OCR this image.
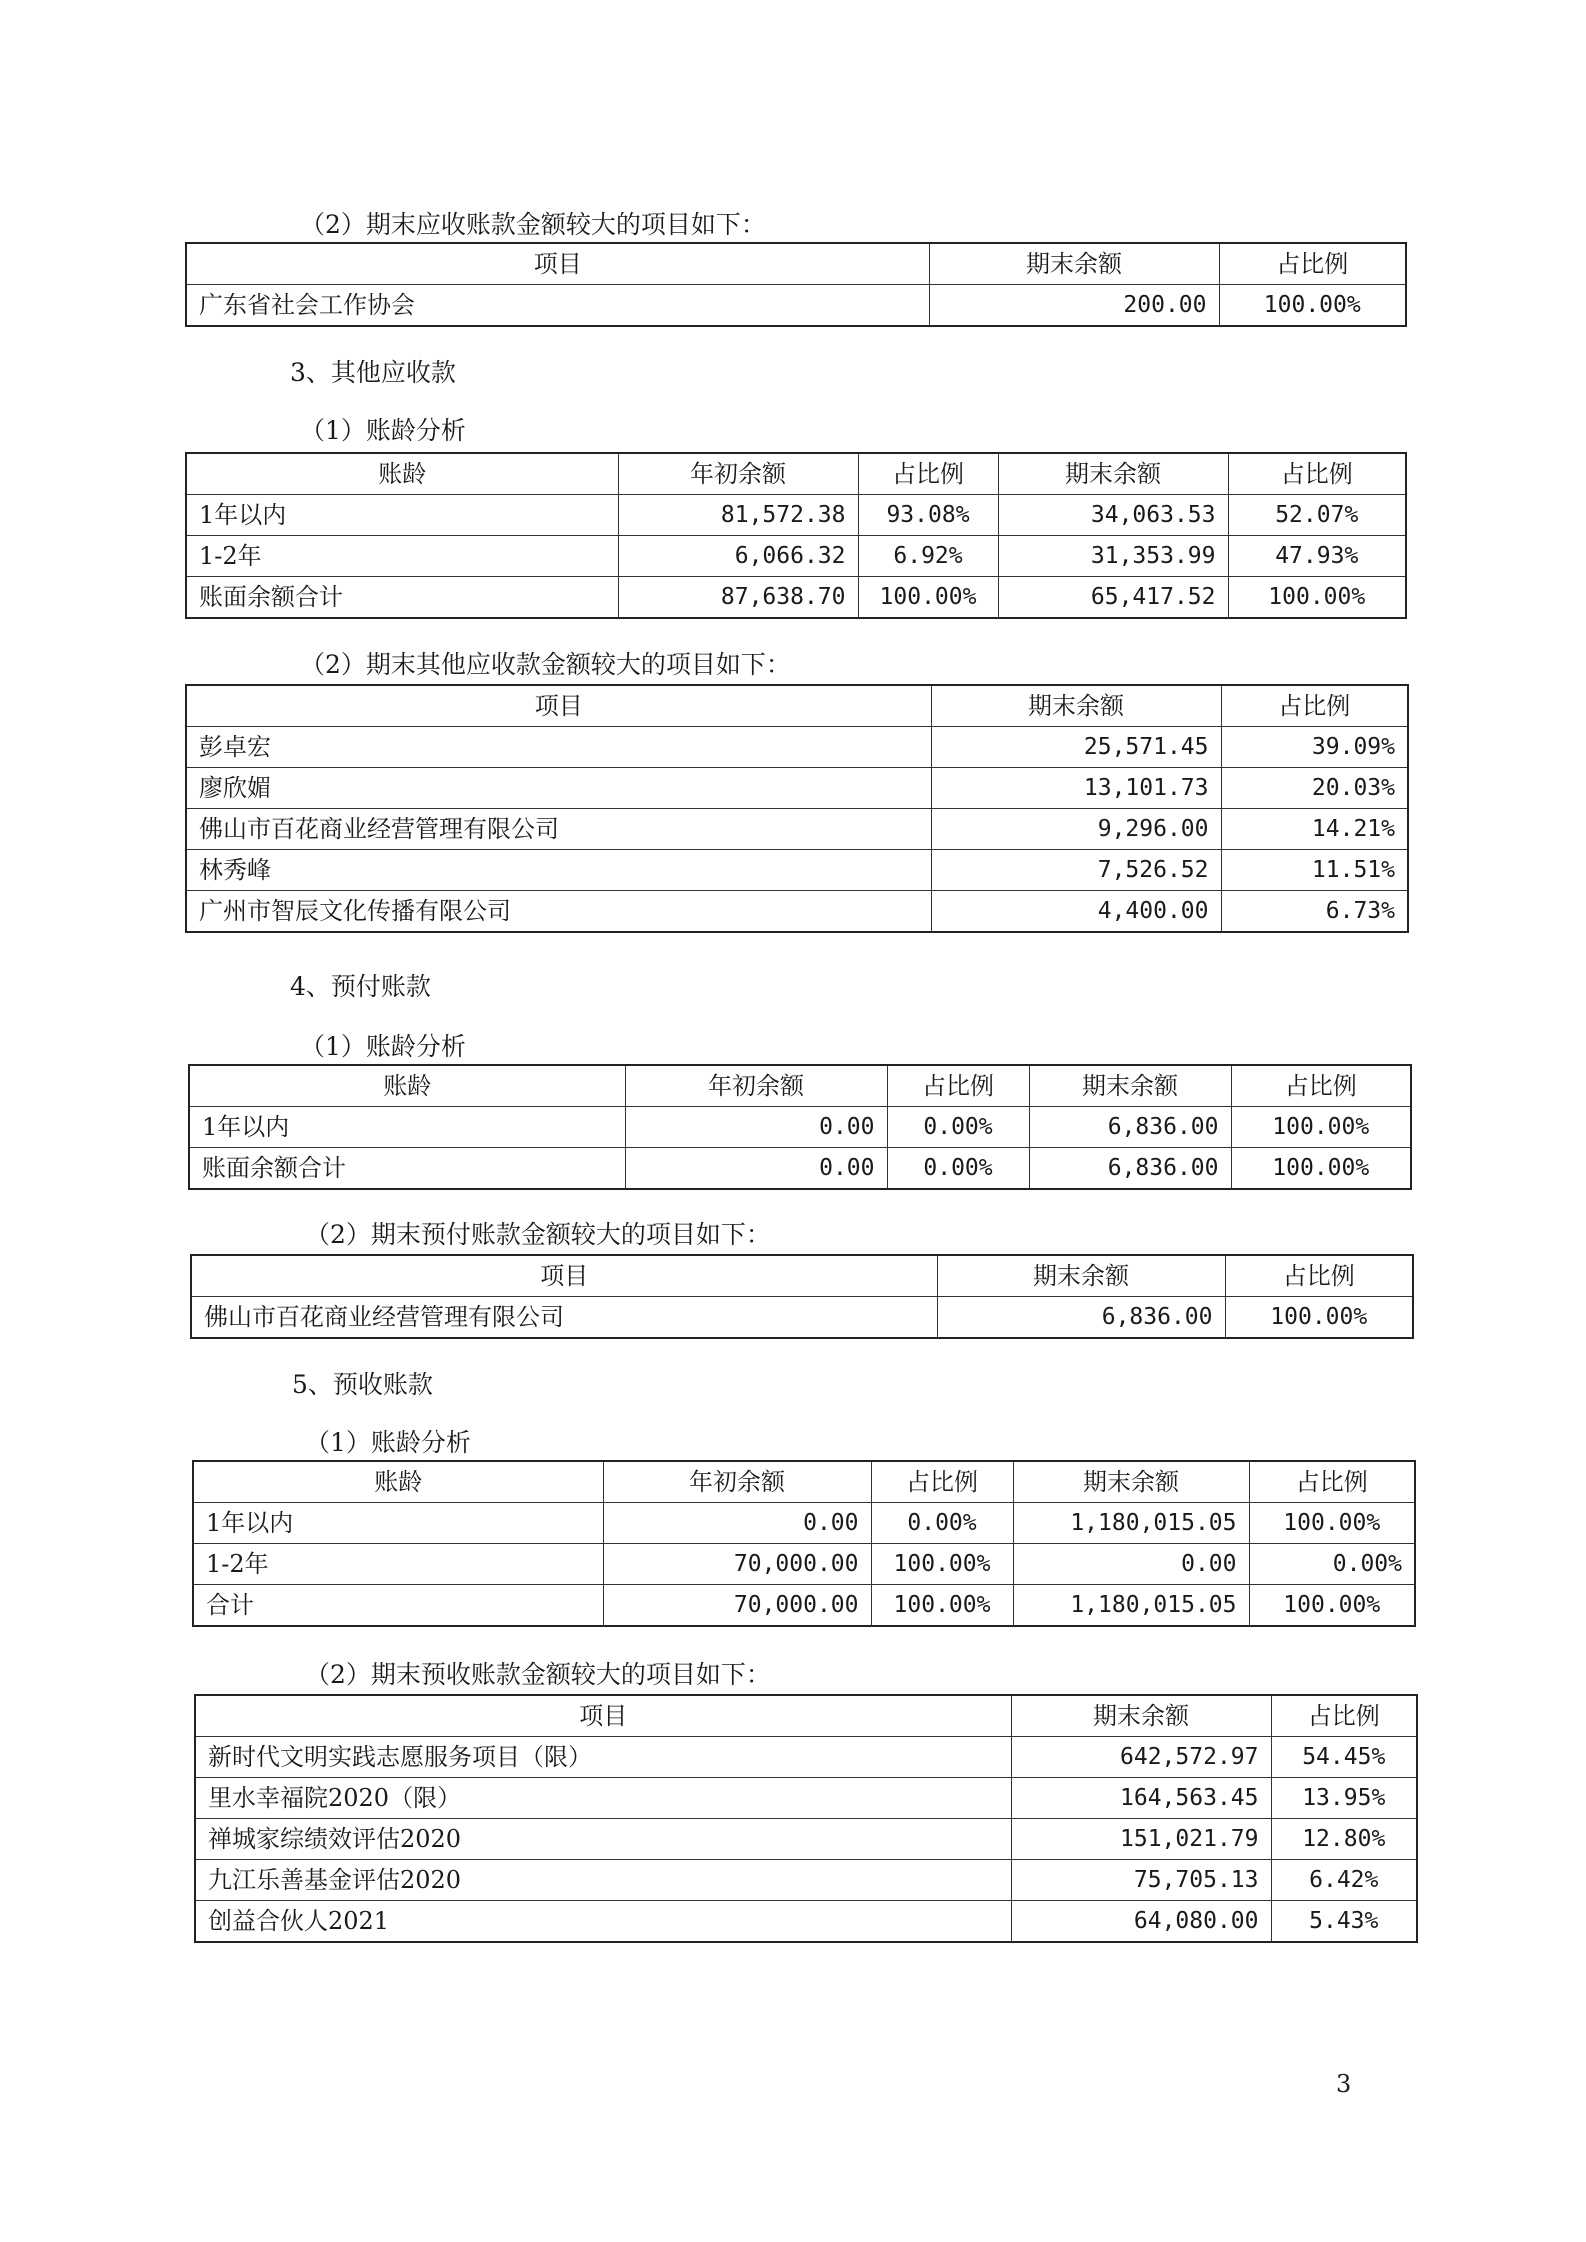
（2）期末应收账款金额较大的项目如下：
项目	期末余额	占比例
广东省社会工作协会	200.00	100.00%
3、其他应收款
（1）账龄分析
账龄	年初余额	占比例	期末余额	占比例
1年以内	81,572.38	93.08%	34,063.53	52.07%
1-2年	6,066.32	6.92%	31,353.99	47.93%
账面余额合计	87,638.70	100.00%	65,417.52	100.00%
（2）期末其他应收款金额较大的项目如下：
项目	期末余额	占比例
彭卓宏	25,571.45	39.09%
廖欣媚	13,101.73	20.03%
佛山市百花商业经营管理有限公司	9,296.00	14.21%
林秀峰	7,526.52	11.51%
广州市智辰文化传播有限公司	4,400.00	6.73%
4、预付账款
（1）账龄分析
账龄	年初余额	占比例	期末余额	占比例
1年以内	0.00	0.00%	6,836.00	100.00%
账面余额合计	0.00	0.00%	6,836.00	100.00%
（2）期末预付账款金额较大的项目如下：
项目	期末余额	占比例
佛山市百花商业经营管理有限公司	6,836.00	100.00%
5、预收账款
（1）账龄分析
账龄	年初余额	占比例	期末余额	占比例
1年以内	0.00	0.00%	1,180,015.05	100.00%
1-2年	70,000.00	100.00%	0.00	0.00%
合计	70,000.00	100.00%	1,180,015.05	100.00%
（2）期末预收账款金额较大的项目如下：
项目	期末余额	占比例
新时代文明实践志愿服务项目（限）	642,572.97	54.45%
里水幸福院2020（限）	164,563.45	13.95%
禅城家综绩效评估2020	151,021.79	12.80%
九江乐善基金评估2020	75,705.13	6.42%
创益合伙人2021	64,080.00	5.43%
3
